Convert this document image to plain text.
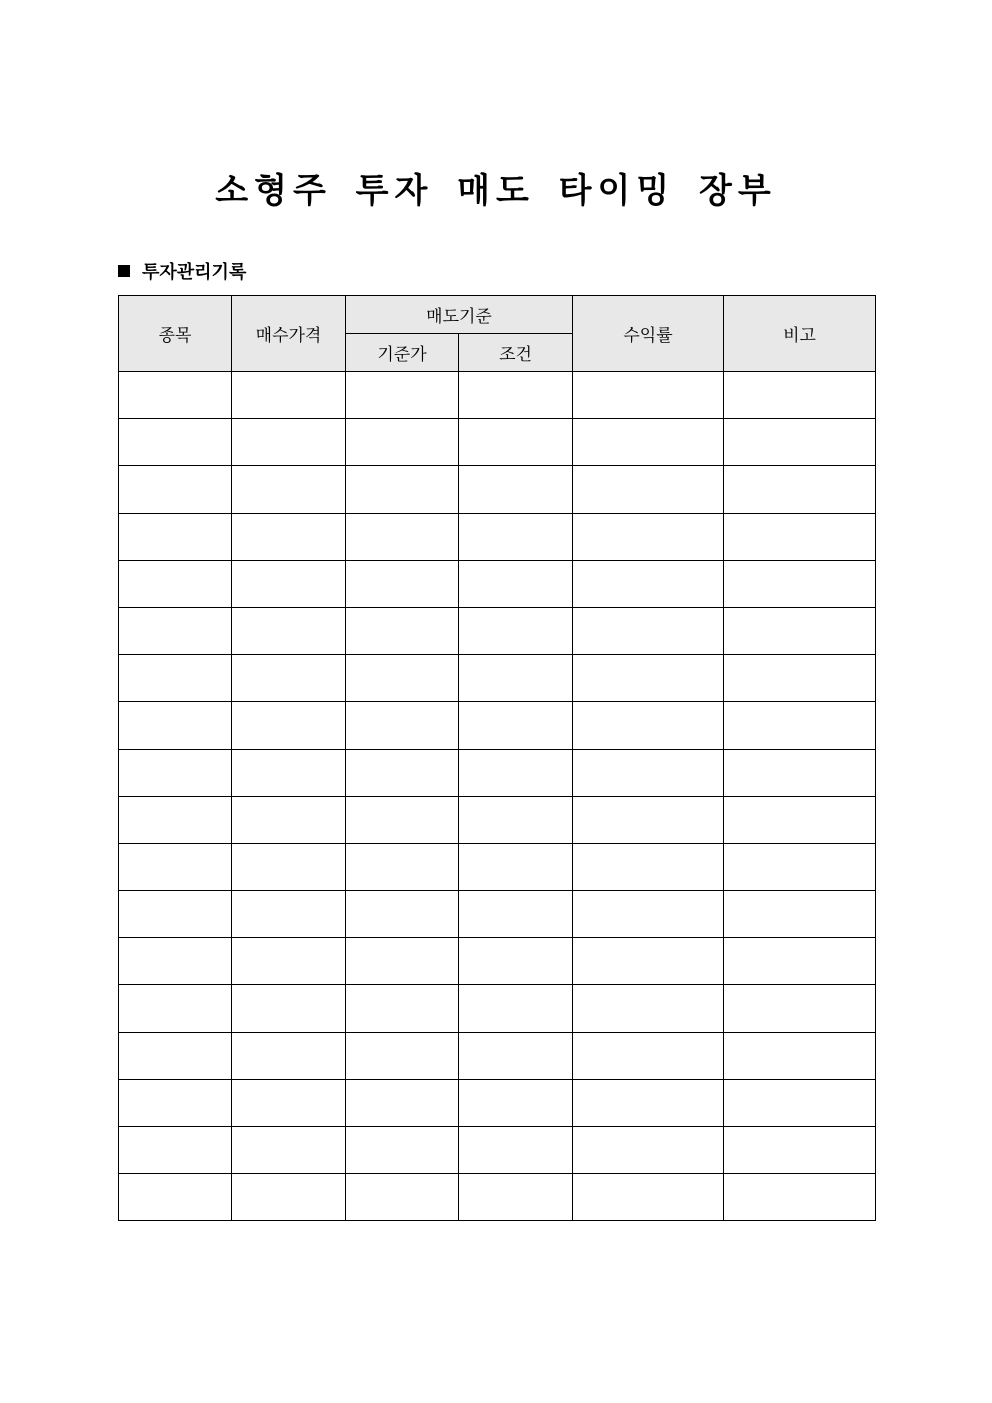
소형주 투자 매도 타이밍 장부
투자관리기록
종목	매수가격	매도기준		수익률	비고
		기준가	조건		
